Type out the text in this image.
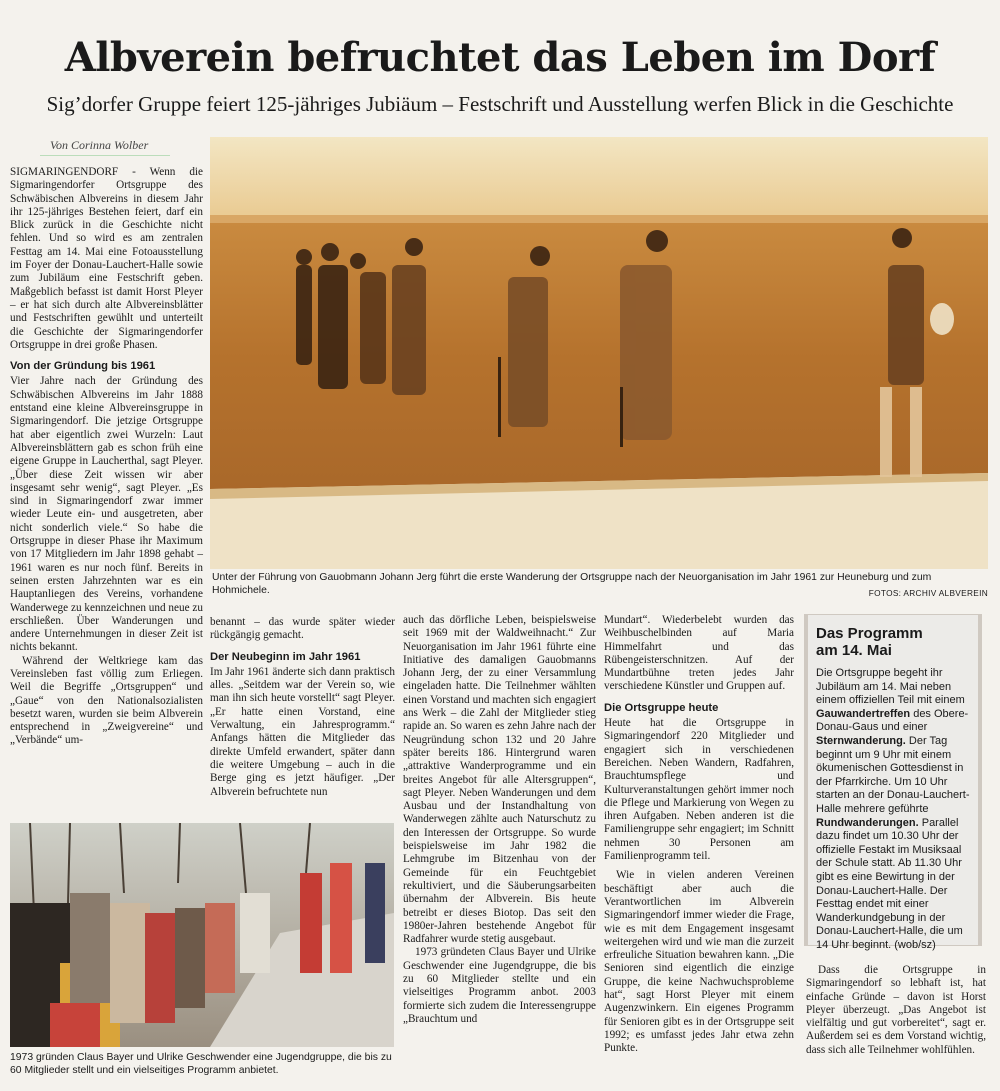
Albverein befruchtet das Leben im Dorf
Sig’dorfer Gruppe feiert 125-jähriges Jubiäum – Festschrift und Ausstellung werfen Blick in die Geschichte
Von Corinna Wolber
Unter der Führung von Gauobmann Johann Jerg führt die erste Wanderung der Ortsgruppe nach der Neuorganisation im Jahr 1961 zur Heuneburg und zum Hohmichele.	FOTOS: ARCHIV ALBVEREIN

SIGMARINGENDORF - Wenn die Sigmaringendorfer Ortsgruppe des Schwäbischen Albvereins in diesem Jahr ihr 125-jähriges Bestehen feiert, darf ein Blick zurück in die Geschichte nicht fehlen. Und so wird es am zentralen Festtag am 14. Mai eine Fotoausstellung im Foyer der Donau-Lauchert-Halle sowie zum Jubiläum eine Festschrift geben. Maßgeblich befasst ist damit Horst Pleyer – er hat sich durch alte Albvereinsblätter und Festschriften gewühlt und unterteilt die Geschichte der Sigmaringendorfer Ortsgruppe in drei große Phasen.

Von der Gründung bis 1961

Vier Jahre nach der Gründung des Schwäbischen Albvereins im Jahr 1888 entstand eine kleine Albvereinsgruppe in Sigmaringendorf. Die jetzige Ortsgruppe hat aber eigentlich zwei Wurzeln: Laut Albvereinsblättern gab es schon früh eine eigene Gruppe in Laucherthal, sagt Pleyer. „Über diese Zeit wissen wir aber insgesamt sehr wenig“, sagt Pleyer. „Es sind in Sigmaringendorf zwar immer wieder Leute ein- und ausgetreten, aber nicht sonderlich viele.“ So habe die Ortsgruppe in dieser Phase ihr Maximum von 17 Mitgliedern im Jahr 1898 gehabt – 1961 waren es nur noch fünf. Bereits in seinen ersten Jahrzehnten war es ein Hauptanliegen des Vereins, vorhandene Wanderwege zu kennzeichnen und neue zu erschließen. Über Wanderungen und andere Unternehmungen in dieser Zeit ist nichts bekannt.

Während der Weltkriege kam das Vereinsleben fast völlig zum Erliegen. Weil die Begriffe „Ortsgruppen“ und „Gaue“ von den Nationalsozialisten besetzt waren, wurden sie beim Albverein entsprechend in „Zweigvereine“ und „Verbände“ um-

benannt – das wurde später wieder rückgängig gemacht.

Der Neubeginn im Jahr 1961

Im Jahr 1961 änderte sich dann praktisch alles. „Seitdem war der Verein so, wie man ihn sich heute vorstellt“ sagt Pleyer. „Er hatte einen Vorstand, eine Verwaltung, ein Jahresprogramm.“ Anfangs hätten die Mitglieder das direkte Umfeld erwandert, später dann die weitere Umgebung – auch in die Berge ging es jetzt häufiger. „Der Albverein befruchtete nun

1973 gründen Claus Bayer und Ulrike Geschwender eine Jugendgruppe, die bis zu 60 Mitglieder stellt und ein vielseitiges Programm anbietet.

auch das dörfliche Leben, beispielsweise seit 1969 mit der Waldweihnacht.“ Zur Neuorganisation im Jahr 1961 führte eine Initiative des damaligen Gauobmanns Johann Jerg, der zu einer Versammlung eingeladen hatte. Die Teilnehmer wählten einen Vorstand und machten sich engagiert ans Werk – die Zahl der Mitglieder stieg rapide an. So waren es zehn Jahre nach der Neugründung schon 132 und 20 Jahre später bereits 186. Hintergrund waren „attraktive Wanderprogramme und ein breites Angebot für alle Altersgruppen“, sagt Pleyer. Neben Wanderungen und dem Ausbau und der Instandhaltung von Wanderwegen zählte auch Naturschutz zu den Interessen der Ortsgruppe. So wurde beispielsweise im Jahr 1982 die Lehmgrube im Bitzenhau von der Gemeinde für ein Feuchtgebiet rekultiviert, und die Säuberungsarbeiten übernahm der Albverein. Bis heute betreibt er dieses Biotop. Das seit den 1980er-Jahren bestehende Angebot für Radfahrer wurde stetig ausgebaut.

1973 gründeten Claus Bayer und Ulrike Geschwender eine Jugendgruppe, die bis zu 60 Mitglieder stellte und ein vielseitiges Programm anbot. 2003 formierte sich zudem die Interessengruppe „Brauchtum und

Mundart“. Wiederbelebt wurden das Weihbuschelbinden auf Maria Himmelfahrt und das Rübengeisterschnitzen. Auf der Mundartbühne treten jedes Jahr verschiedene Künstler und Gruppen auf.

Die Ortsgruppe heute

Heute hat die Ortsgruppe in Sigmaringendorf 220 Mitglieder und engagiert sich in verschiedenen Bereichen. Neben Wandern, Radfahren, Brauchtumspflege und Kulturveranstaltungen gehört immer noch die Pflege und Markierung von Wegen zu ihren Aufgaben. Neben anderen ist die Familiengruppe sehr engagiert; im Schnitt nehmen 30 Personen am Familienprogramm teil.

Wie in vielen anderen Vereinen beschäftigt aber auch die Verantwortlichen im Albverein Sigmaringendorf immer wieder die Frage, wie es mit dem Engagement insgesamt weitergehen wird und wie man die zurzeit erfreuliche Situation bewahren kann. „Die Senioren sind eigentlich die einzige Gruppe, die keine Nachwuchsprobleme hat“, sagt Horst Pleyer mit einem Augenzwinkern. Ein eigenes Programm für Senioren gibt es in der Ortsgruppe seit 1992; es umfasst jedes Jahr etwa zehn Punkte.

Das Programm
am 14. Mai

Die Ortsgruppe begeht ihr Jubiläum am 14. Mai neben einem offiziellen Teil mit einem Gauwandertreffen des Obere-Donau-Gaus und einer Sternwanderung. Der Tag beginnt um 9 Uhr mit einem ökumenischen Gottesdienst in der Pfarrkirche. Um 10 Uhr starten an der Donau-Lauchert-Halle mehrere geführte Rundwanderungen. Parallel dazu findet um 10.30 Uhr der offizielle Festakt im Musiksaal der Schule statt. Ab 11.30 Uhr gibt es eine Bewirtung in der Donau-Lauchert-Halle. Der Festtag endet mit einer Wanderkundgebung in der Donau-Lauchert-Halle, die um 14 Uhr beginnt. (wob/sz)

Dass die Ortsgruppe in Sigmaringendorf so lebhaft ist, hat einfache Gründe – davon ist Horst Pleyer überzeugt. „Das Angebot ist vielfältig und gut vorbereitet“, sagt er. Außerdem sei es dem Vorstand wichtig, dass sich alle Teilnehmer wohlfühlen.
